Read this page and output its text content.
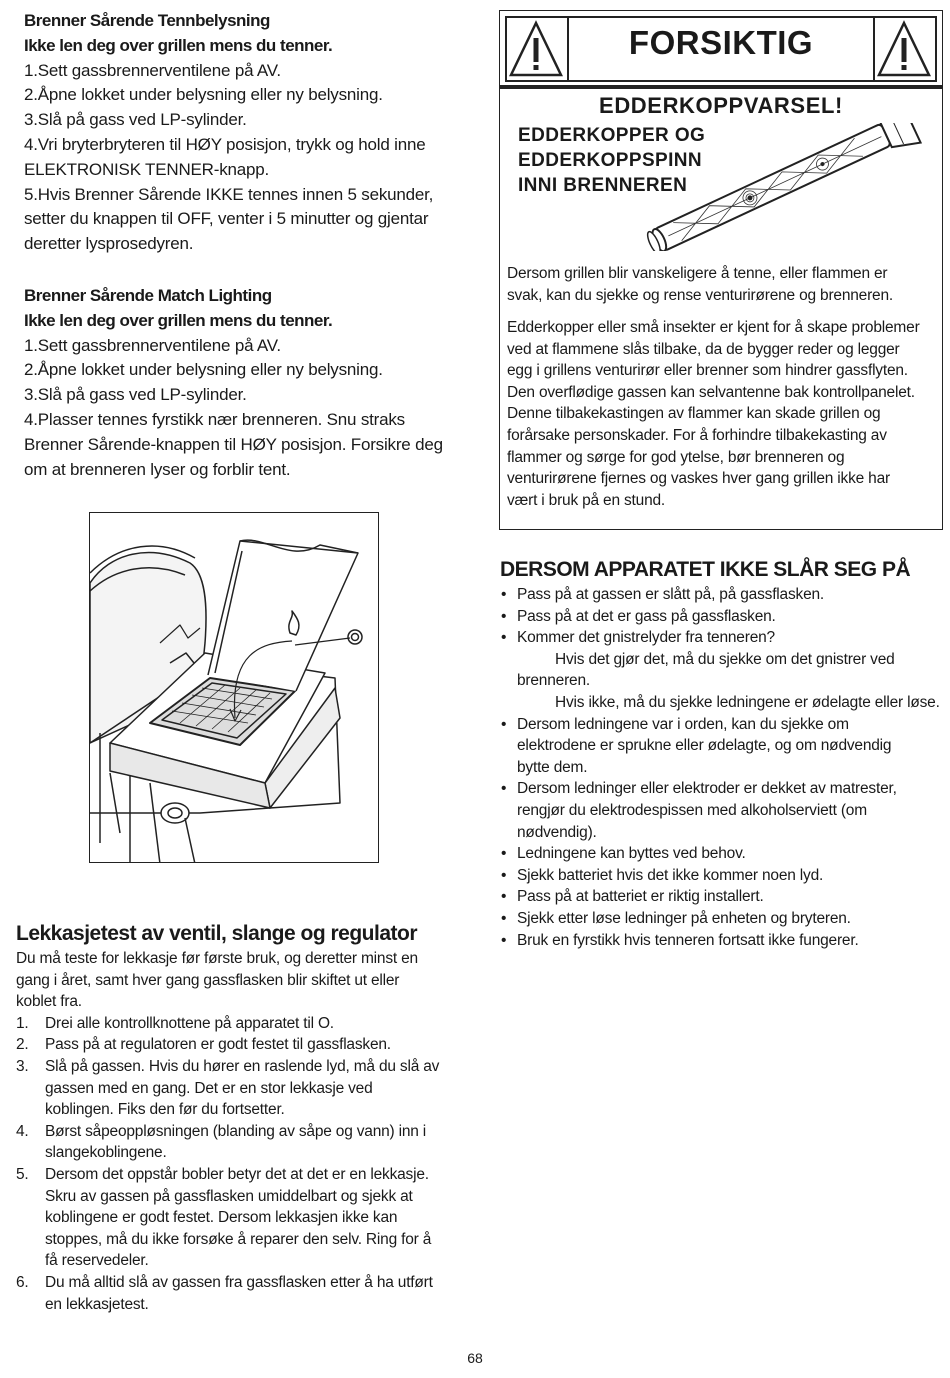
Brenner Sårende Tennbelysning
Ikke len deg over grillen mens du tenner.
1.Sett gassbrennerventilene på AV.
2.Åpne lokket under belysning eller ny belysning.
3.Slå på gass ved LP-sylinder.
4.Vri bryterbryteren til HØY posisjon, trykk og hold inne
ELEKTRONISK TENNER-knapp.
5.Hvis Brenner Sårende IKKE tennes innen 5 sekunder,
setter du knappen til OFF, venter i 5 minutter og gjentar
deretter lysprosedyren.
Brenner Sårende Match Lighting
Ikke len deg over grillen mens du tenner.
1.Sett gassbrennerventilene på AV.
2.Åpne lokket under belysning eller ny belysning.
3.Slå på gass ved LP-sylinder.
4.Plasser tennes fyrstikk nær brenneren. Snu straks
Brenner Sårende-knappen til HØY posisjon. Forsikre deg
om at brenneren lyser og forblir tent.
FORSIKTIG
EDDERKOPPVARSEL!
EDDERKOPPER OG
EDDERKOPPSPINN
INNI BRENNEREN
Dersom grillen blir vanskeligere å tenne, eller flammen er
svak, kan du sjekke og rense venturirørene og brenneren.
Edderkopper eller små insekter er kjent for å skape problemer
ved at flammene slås tilbake, da de bygger reder og legger
egg i grillens venturirør eller brenner som hindrer gassflyten.
Den overflødige gassen kan selvantenne bak kontrollpanelet.
Denne tilbakekastingen av flammer kan skade grillen og
forårsake personskader. For å forhindre tilbakekasting av
flammer og sørge for god ytelse, bør brenneren og
venturirørene fjernes og vaskes hver gang grillen ikke har
vært i bruk på en stund.
Lekkasjetest av ventil, slange og regulator
Du må teste for lekkasje før første bruk, og deretter minst en
gang i året, samt hver gang gassflasken blir skiftet ut eller
koblet fra.
1. Drei alle kontrollknottene på apparatet til O.
2. Pass på at regulatoren er godt festet til gassflasken.
3. Slå på gassen. Hvis du hører en raslende lyd, må du slå av
gassen med en gang. Det er en stor lekkasje ved
koblingen. Fiks den før du fortsetter.
4. Børst såpeoppløsningen (blanding av såpe og vann) inn i
slangekoblingene.
5. Dersom det oppstår bobler betyr det at det er en lekkasje.
Skru av gassen på gassflasken umiddelbart og sjekk at
koblingene er godt festet. Dersom lekkasjen ikke kan
stoppes, må du ikke forsøke å reparer den selv. Ring for å
få reservedeler.
6. Du må alltid slå av gassen fra gassflasken etter å ha utført
en lekkasjetest.
DERSOM APPARATET IKKE SLÅR SEG PÅ
• Pass på at gassen er slått på, på gassflasken.
• Pass på at det er gass på gassflasken.
• Kommer det gnistrelyder fra tenneren?
Hvis det gjør det, må du sjekke om det gnistrer ved
brenneren.
Hvis ikke, må du sjekke ledningene er ødelagte eller løse.
• Dersom ledningene var i orden, kan du sjekke om
elektrodene er sprukne eller ødelagte, og om nødvendig
bytte dem.
• Dersom ledninger eller elektroder er dekket av matrester,
rengjør du elektrodespissen med alkoholserviett (om
nødvendig).
• Ledningene kan byttes ved behov.
• Sjekk batteriet hvis det ikke kommer noen lyd.
• Pass på at batteriet er riktig installert.
• Sjekk etter løse ledninger på enheten og bryteren.
• Bruk en fyrstikk hvis tenneren fortsatt ikke fungerer.
68
